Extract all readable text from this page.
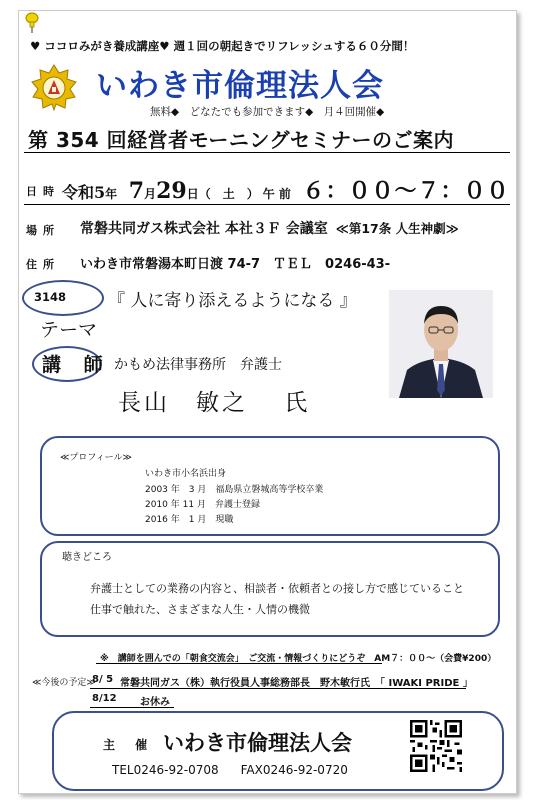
♥ ココロみがき養成講座♥ 週１回の朝起きでリフレッシュする６０分間！
いわき市倫理法人会
無料◆　どなたでも参加できます◆　月４回開催◆
第 354 回経営者モーニングセミナーのご案内
日時 令和5年 7月29日（　土　） 午 前 ６：００～７：００
場所 常磐共同ガス株式会社 本社３Ｆ 会議室 ≪第17条 人生神劇≫
住所 いわき市常磐湯本町日渡 74-7　ＴＥＬ　0246-43-
3148 『 人に寄り添えるようになる 』
テーマ
講 師 かもめ法律事務所　弁護士
長山　敏之　 氏
≪プロフィール≫
いわき市小名浜出身
2003 年　3 月　福島県立磐城高等学校卒業
2010 年 11 月　弁護士登録
2016 年　1 月　現職
聴きどころ
弁護士としての業務の内容と、相談者・依頼者との接し方で感じていること
仕事で触れた、さまざまな人生・人情の機微
※　講師を囲んでの「朝食交流会」　ご交流・情報づくりにどうぞ　AM７：００～（会費¥200）
≪今後の予定≫
8/ 5 常磐共同ガス（株）執行役員人事総務部長　野木敏行氏　「 IWAKI PRIDE 」
8/12 お休み
主 催 いわき市倫理法人会
TEL0246-92-0708 FAX0246-92-0720
